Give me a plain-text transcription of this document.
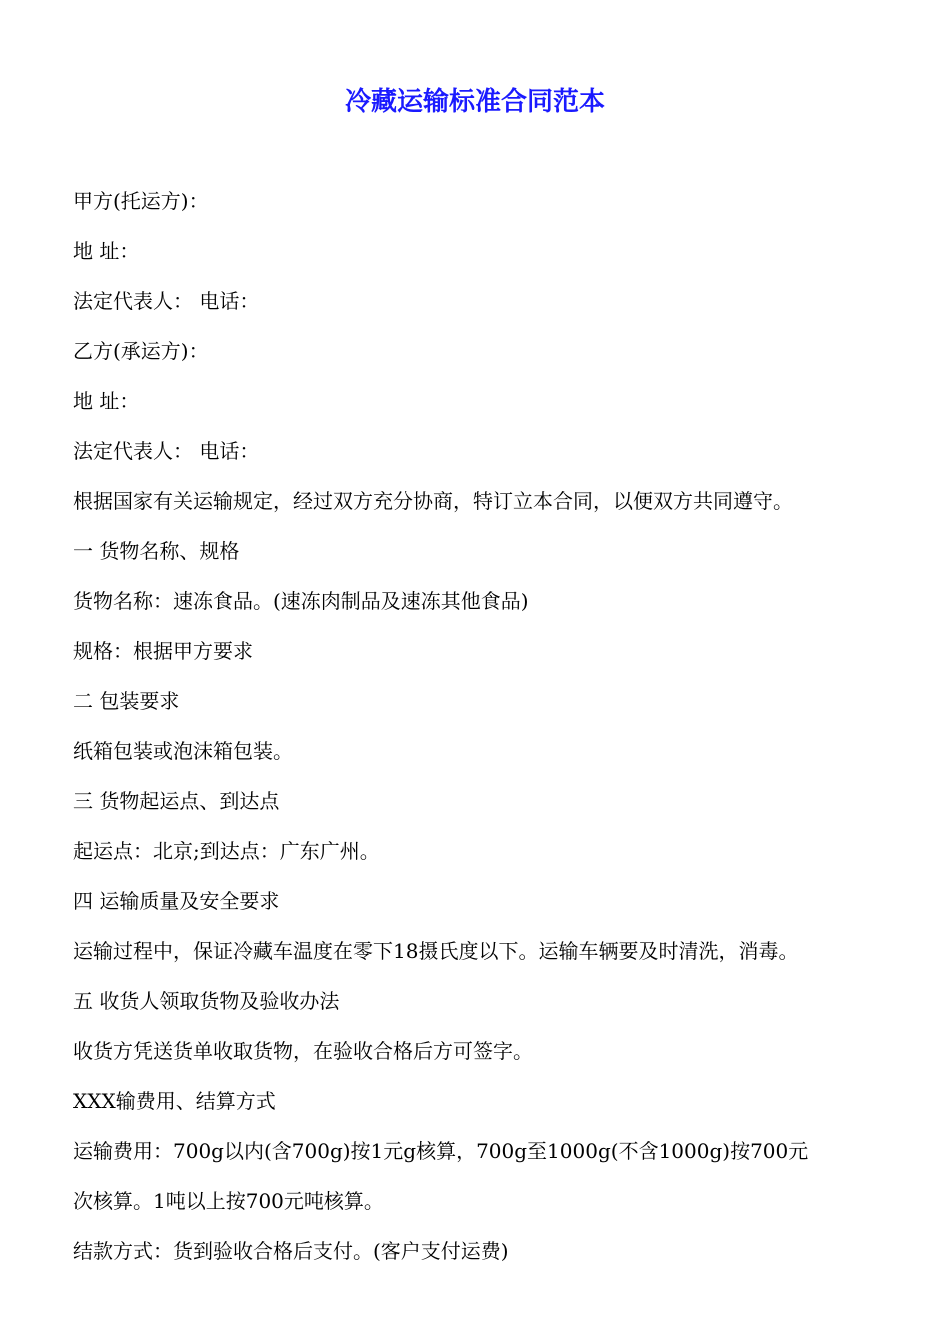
冷藏运输标准合同范本
甲方(托运方)：
地 址：
法定代表人： 电话：
乙方(承运方)：
地 址：
法定代表人： 电话：
根据国家有关运输规定，经过双方充分协商，特订立本合同，以便双方共同遵守。
一 货物名称、规格
货物名称：速冻食品。(速冻肉制品及速冻其他食品)
规格：根据甲方要求
二 包装要求
纸箱包装或泡沫箱包装。
三 货物起运点、到达点
起运点：北京;到达点：广东广州。
四 运输质量及安全要求
运输过程中，保证冷藏车温度在零下18摄氏度以下。运输车辆要及时清洗，消毒。
五 收货人领取货物及验收办法
收货方凭送货单收取货物，在验收合格后方可签字。
XXX输费用、结算方式
运输费用：700g以内(含700g)按1元g核算，700g至1000g(不含1000g)按700元
次核算。1吨以上按700元吨核算。
结款方式：货到验收合格后支付。(客户支付运费)
